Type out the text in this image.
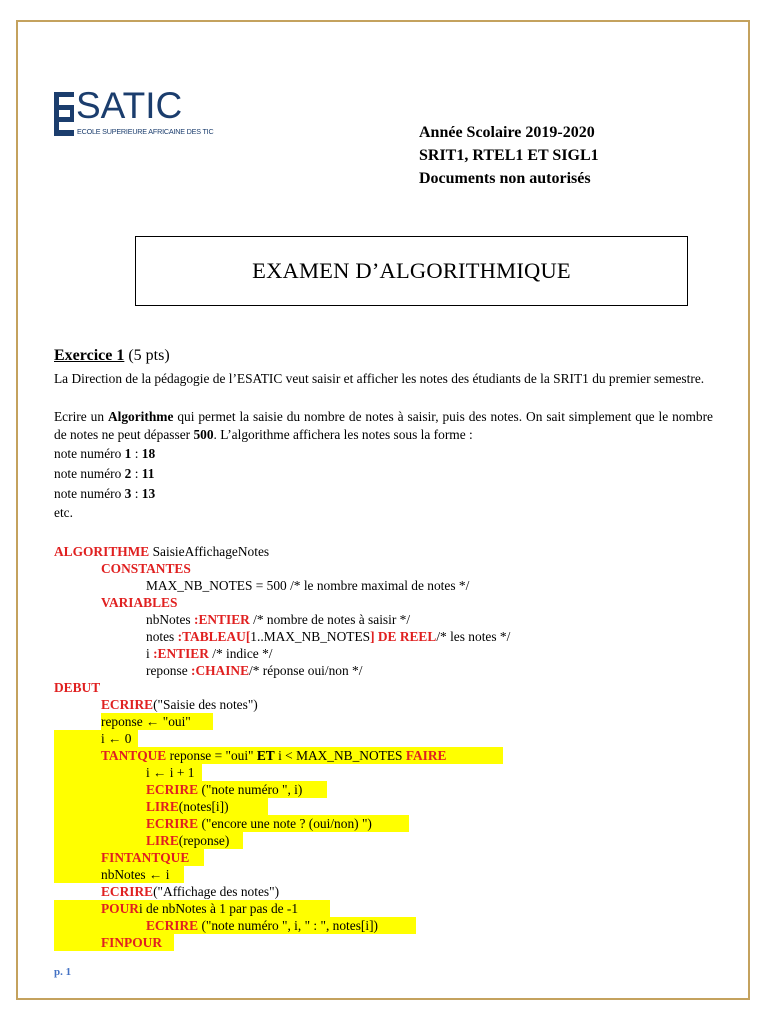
SATIC
ECOLE SUPERIEURE AFRICAINE DES TIC	Année Scolaire 2019-2020
SRIT1, RTEL1 ET SIGL1
Documents non autorisés
EXAMEN D’ALGORITHMIQUE
Exercice 1 (5 pts)
La Direction de la pédagogie de l’ESATIC veut saisir et afficher les notes des étudiants de la SRIT1 du premier semestre.
Ecrire un Algorithme qui permet la saisie du nombre de notes à saisir, puis des notes. On sait simplement que le nombre de notes ne peut dépasser 500. L’algorithme affichera les notes sous la forme :
note numéro 1 : 18
note numéro 2 : 11
note numéro 3 : 13
etc.
ALGORITHME SaisieAffichageNotes
CONSTANTES
MAX_NB_NOTES = 500 /* le nombre maximal de notes */
VARIABLES
nbNotes :ENTIER /* nombre de notes à saisir */
notes :TABLEAU[1..MAX_NB_NOTES] DE REEL/* les notes */
i :ENTIER /* indice */
reponse :CHAINE/* réponse oui/non */
DEBUT
ECRIRE("Saisie des notes")
reponse ← "oui"
i ← 0
TANTQUE reponse = "oui" ET i < MAX_NB_NOTES FAIRE
i ← i + 1
ECRIRE ("note numéro ", i)
LIRE(notes[i])
ECRIRE ("encore une note ? (oui/non) ")
LIRE(reponse)
FINTANTQUE
nbNotes ← i
ECRIRE("Affichage des notes")
POURi de nbNotes à 1 par pas de -1
ECRIRE ("note numéro ", i, " : ", notes[i])
FINPOUR
p. 1
